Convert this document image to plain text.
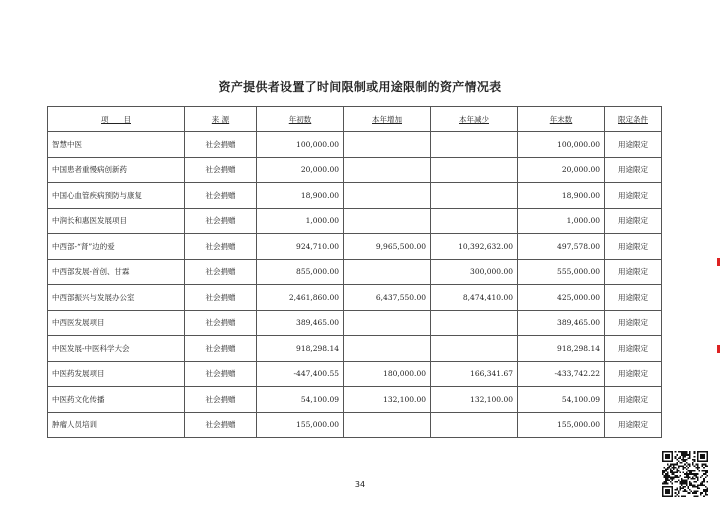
资产提供者设置了时间限制或用途限制的资产情况表
项　　目	来 源	年初数	本年增加	本年减少	年末数	限定条件
智慧中医	社会捐赠	100,000.00			100,000.00	用途限定
中国患者重慢病创新药	社会捐赠	20,000.00			20,000.00	用途限定
中国心血管疾病预防与康复	社会捐赠	18,900.00			18,900.00	用途限定
中润长和惠医发展项目	社会捐赠	1,000.00			1,000.00	用途限定
中西部-“肾”边的爱	社会捐赠	924,710.00	9,965,500.00	10,392,632.00	497,578.00	用途限定
中西部发展-首创、甘霖	社会捐赠	855,000.00		300,000.00	555,000.00	用途限定
中西部振兴与发展办公室	社会捐赠	2,461,860.00	6,437,550.00	8,474,410.00	425,000.00	用途限定
中西医发展项目	社会捐赠	389,465.00			389,465.00	用途限定
中医发展-中医科学大会	社会捐赠	918,298.14			918,298.14	用途限定
中医药发展项目	社会捐赠	-447,400.55	180,000.00	166,341.67	-433,742.22	用途限定
中医药文化传播	社会捐赠	54,100.09	132,100.00	132,100.00	54,100.09	用途限定
肿瘤人员培训	社会捐赠	155,000.00			155,000.00	用途限定
34
